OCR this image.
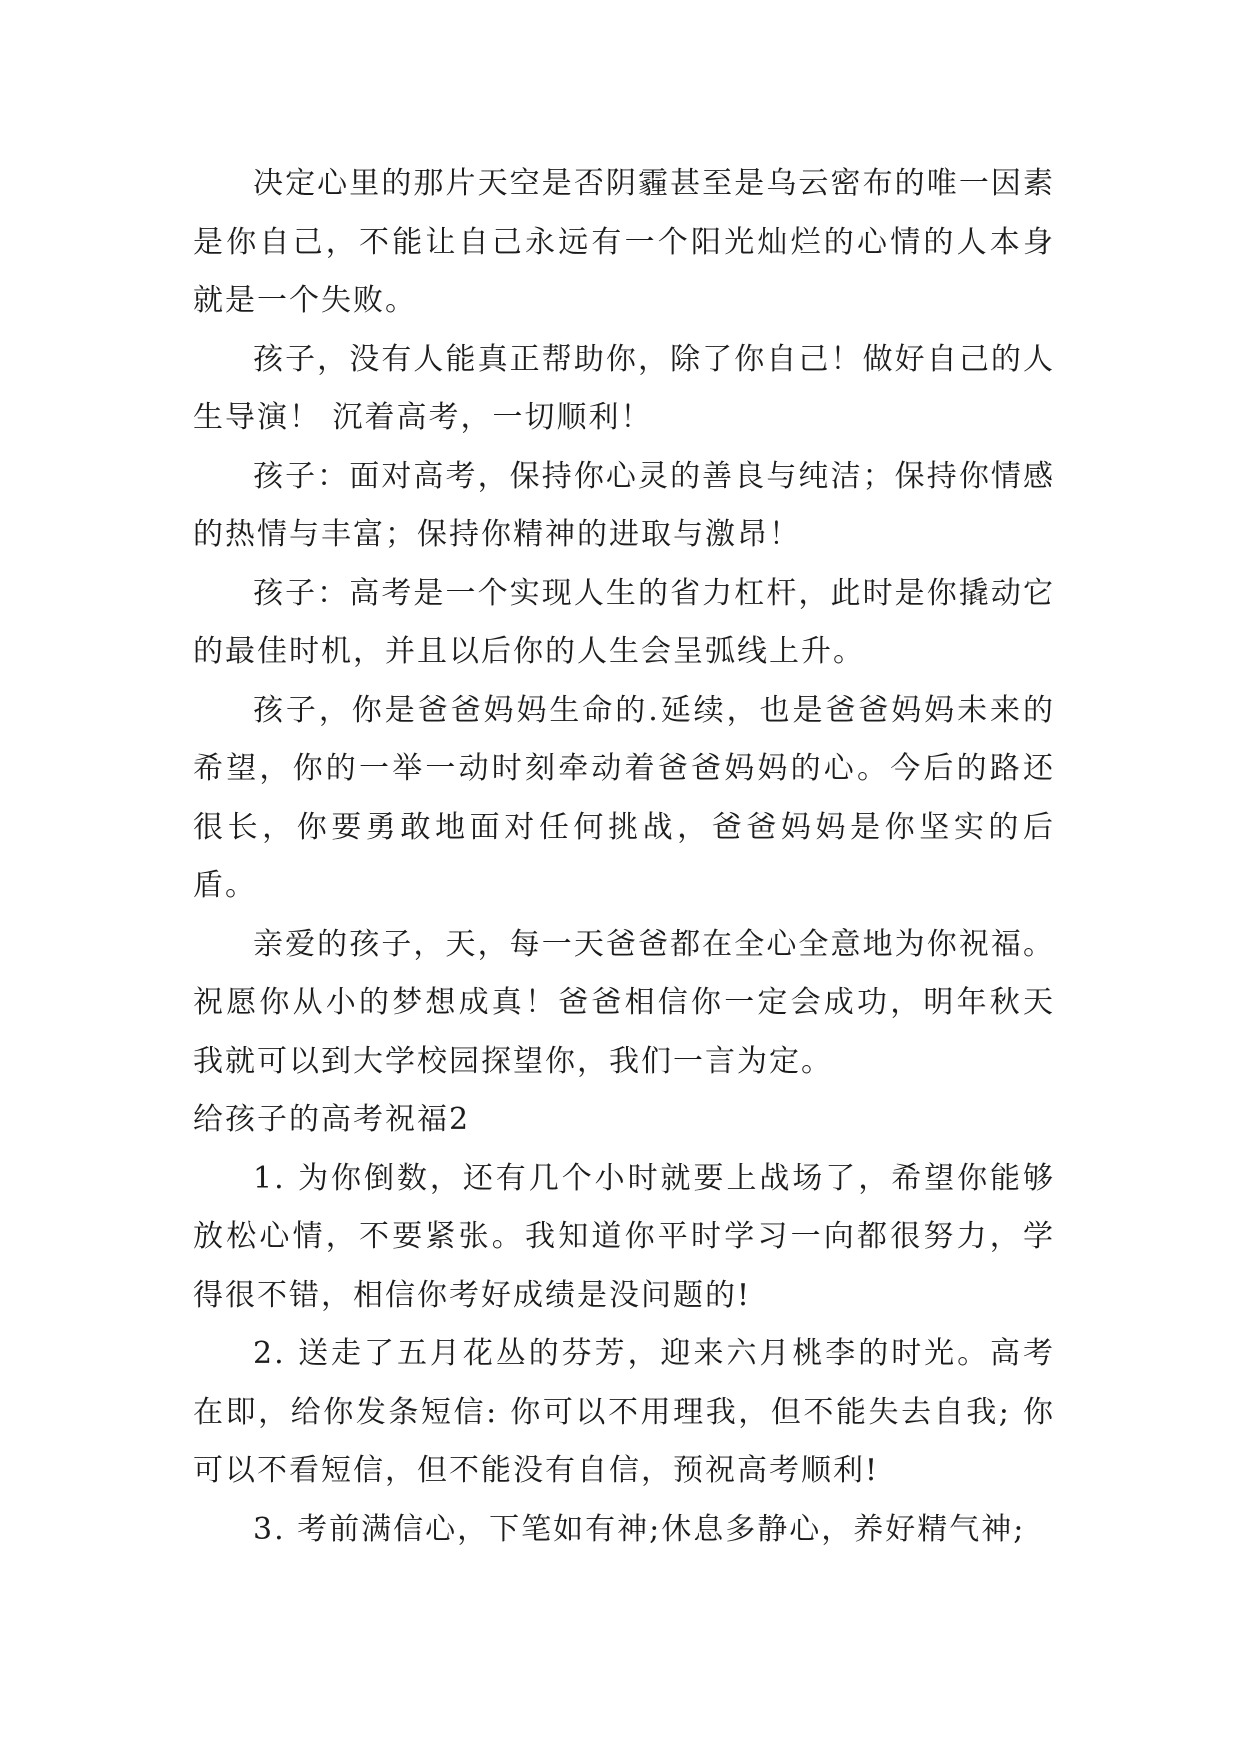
决定心里的那片天空是否阴霾甚至是乌云密布的唯一因素是你自己，不能让自己永远有一个阳光灿烂的心情的人本身就是一个失败。

孩子，没有人能真正帮助你，除了你自己！做好自己的人生导演！ 沉着高考，一切顺利！

孩子：面对高考，保持你心灵的善良与纯洁；保持你情感的热情与丰富；保持你精神的进取与激昂！

孩子：高考是一个实现人生的省力杠杆，此时是你撬动它的最佳时机，并且以后你的人生会呈弧线上升。

孩子，你是爸爸妈妈生命的.延续，也是爸爸妈妈未来的希望，你的一举一动时刻牵动着爸爸妈妈的心。今后的路还很长，你要勇敢地面对任何挑战，爸爸妈妈是你坚实的后盾。

亲爱的孩子，天，每一天爸爸都在全心全意地为你祝福。祝愿你从小的梦想成真！爸爸相信你一定会成功，明年秋天我就可以到大学校园探望你，我们一言为定。

给孩子的高考祝福2

1. 为你倒数，还有几个小时就要上战场了，希望你能够放松心情，不要紧张。我知道你平时学习一向都很努力，学得很不错，相信你考好成绩是没问题的!

2. 送走了五月花丛的芬芳，迎来六月桃李的时光。高考在即，给你发条短信: 你可以不用理我，但不能失去自我; 你可以不看短信，但不能没有自信，预祝高考顺利!

3. 考前满信心，下笔如有神;休息多静心，养好精气神;
